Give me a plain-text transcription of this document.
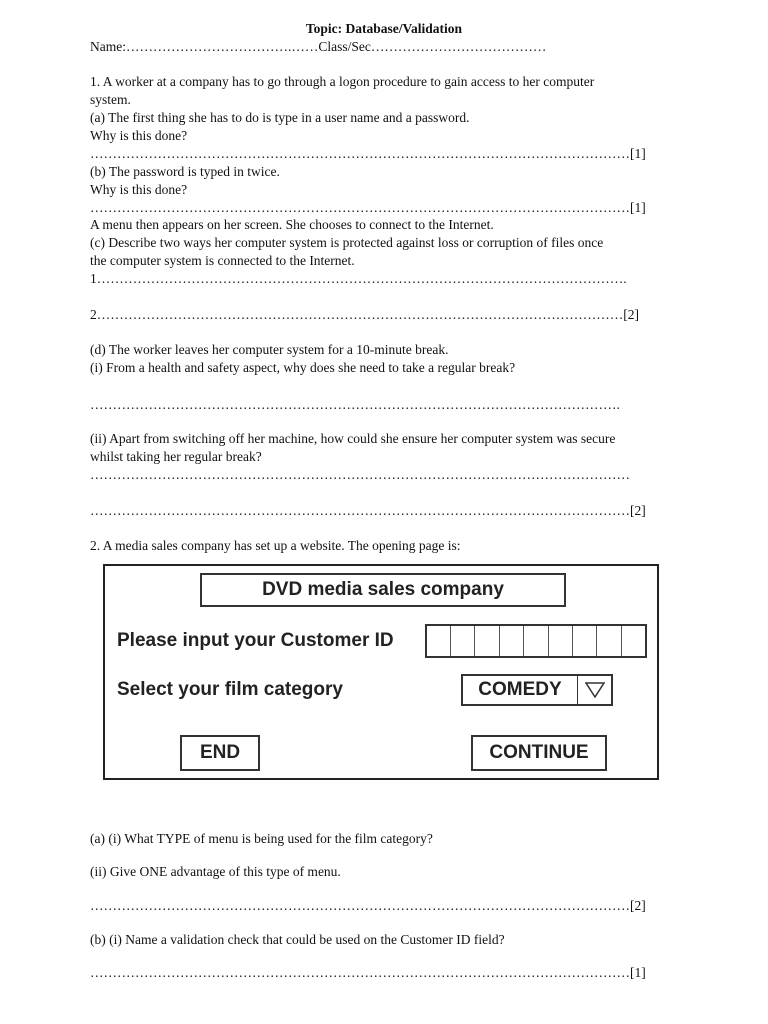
Topic: Database/Validation
Name:……………………………….……Class/Sec…………………………………
1. A worker at a company has to go through a logon procedure to gain access to her computer
system.
(a) The first thing she has to do is type in a user name and a password.
Why is this done?
…………………………………………………………………………………………………………[1]
(b) The password is typed in twice.
Why is this done?
…………………………………………………………………………………………………………[1]
A menu then appears on her screen. She chooses to connect to the Internet.
(c) Describe two ways her computer system is protected against loss or corruption of files once
the computer system is connected to the Internet.
1……………………………………………………………………………………………………….
2………………………………………………………………………………………………………[2]
(d) The worker leaves her computer system for a 10-minute break.
(i) From a health and safety aspect, why does she need to take a regular break?
……………………………………………………………………………………………………….
(ii) Apart from switching off her machine, how could she ensure her computer system was secure
whilst taking her regular break?
…………………………………………………………………………………………………………
…………………………………………………………………………………………………………[2]
2. A media sales company has set up a website. The opening page is:
DVD media sales company
Please input your Customer ID
Select your film category	COMEDY
END	CONTINUE
(a) (i) What TYPE of menu is being used for the film category?
(ii) Give ONE advantage of this type of menu.
…………………………………………………………………………………………………………[2]
(b) (i) Name a validation check that could be used on the Customer ID field?
…………………………………………………………………………………………………………[1]
